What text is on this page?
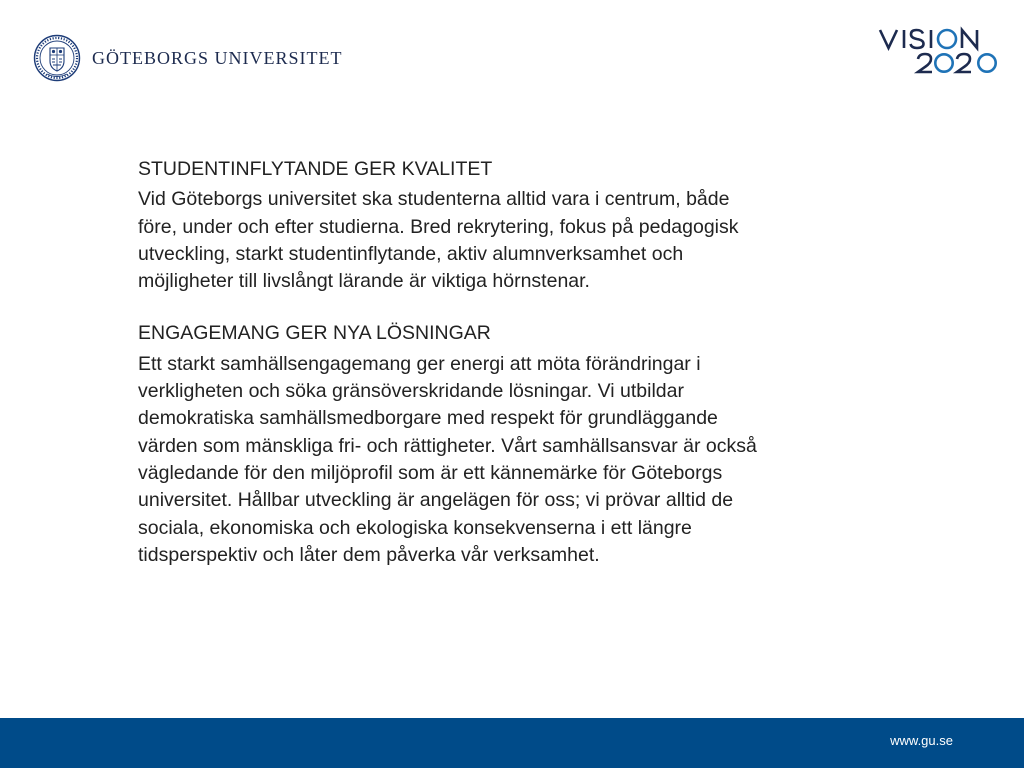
GÖTEBORGS UNIVERSITET
STUDENTINFLYTANDE GER KVALITET

Vid Göteborgs universitet ska studenterna alltid vara i centrum, både
före, under och efter studierna. Bred rekrytering, fokus på pedagogisk
utveckling, starkt studentinflytande, aktiv alumnverksamhet och
möjligheter till livslångt lärande är viktiga hörnstenar.

ENGAGEMANG GER NYA LÖSNINGAR

Ett starkt samhällsengagemang ger energi att möta förändringar i
verkligheten och söka gränsöverskridande lösningar. Vi utbildar
demokratiska samhällsmedborgare med respekt för grundläggande
värden som mänskliga fri- och rättigheter. Vårt samhällsansvar är också
vägledande för den miljöprofil som är ett kännemärke för Göteborgs
universitet. Hållbar utveckling är angelägen för oss; vi prövar alltid de
sociala, ekonomiska och ekologiska konsekvenserna i ett längre
tidsperspektiv och låter dem påverka vår verksamhet.

www.gu.se
